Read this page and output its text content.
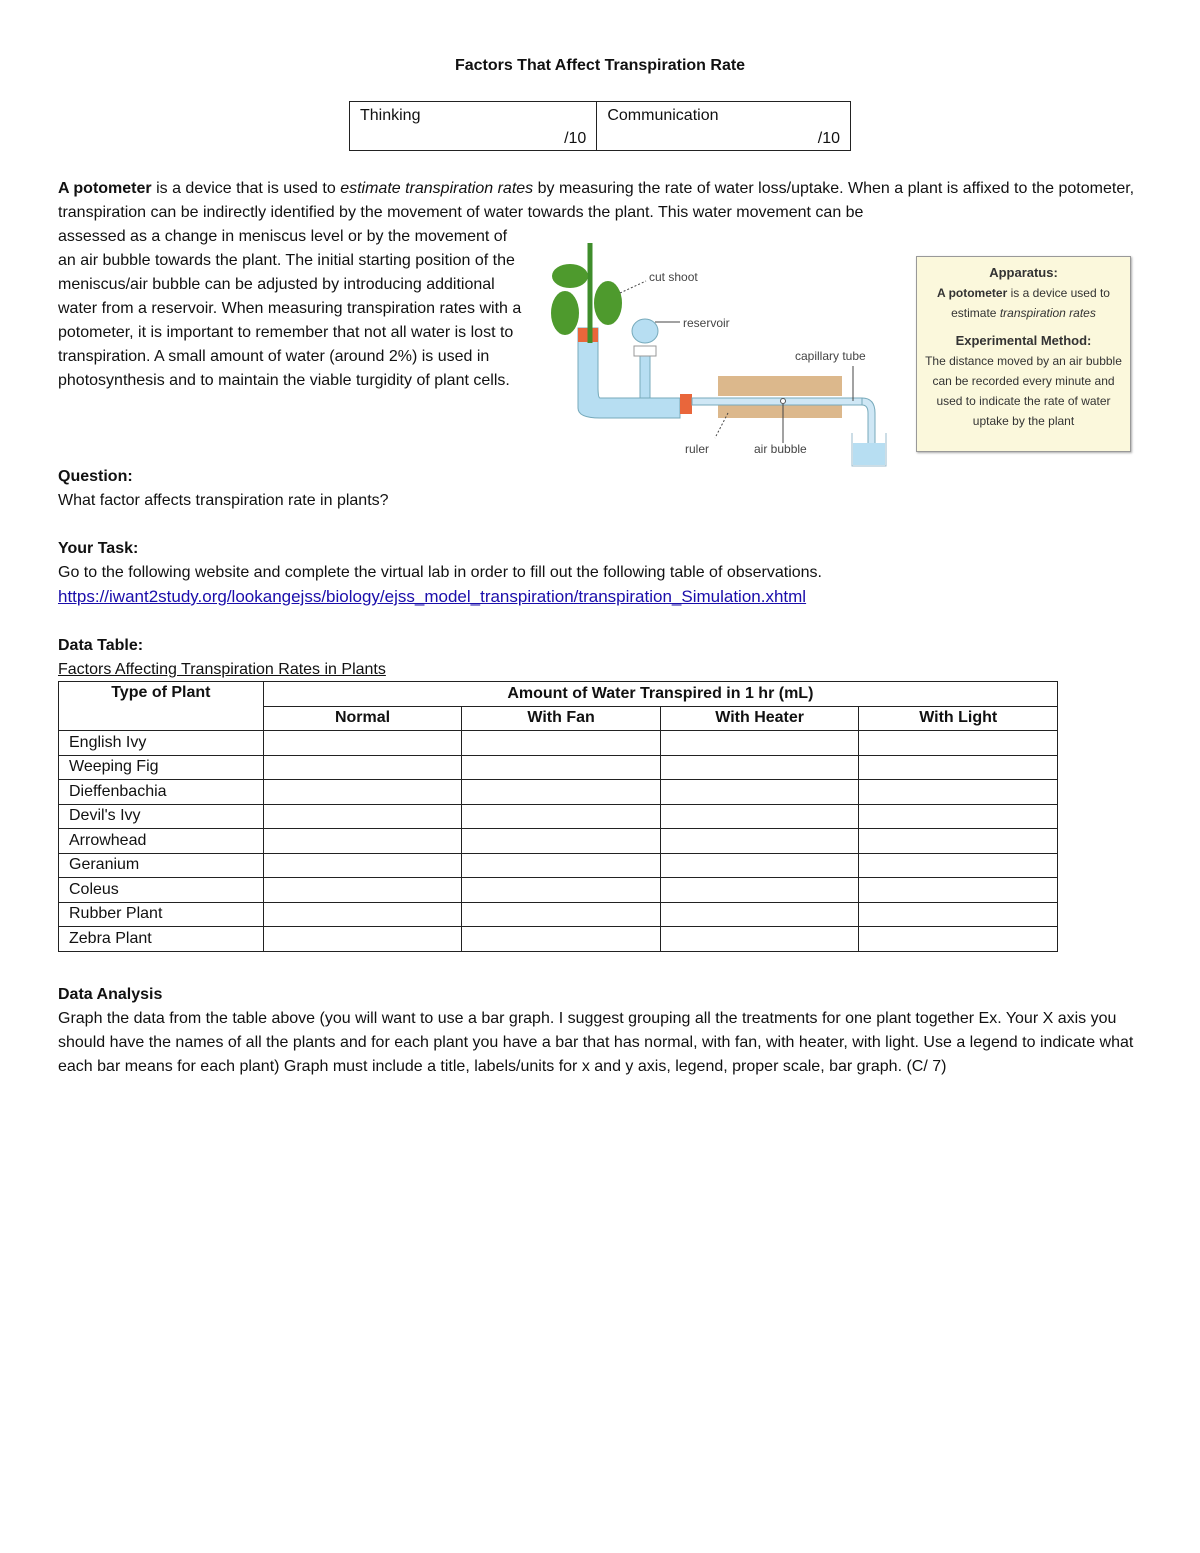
Factors That Affect Transpiration Rate
Thinking
/10

Communication
/10
A potometer is a device that is used to estimate transpiration rates by measuring the rate of water loss/uptake. When a plant is affixed to the potometer, transpiration can be indirectly identified by the movement of water towards the plant. This water movement can be
assessed as a change in meniscus level or by the movement of an air bubble towards the plant. The initial starting position of the meniscus/air bubble can be adjusted by introducing additional water from a reservoir. When measuring transpiration rates with a potometer, it is important to remember that not all water is lost to transpiration. A small amount of water (around 2%) is used in photosynthesis and to maintain the viable turgidity of plant cells.
cut shoot
reservoir
capillary tube
ruler	air bubble
Apparatus:
A potometer is a device used to estimate transpiration rates
Experimental Method:
The distance moved by an air bubble can be recorded every minute and used to indicate the rate of water uptake by the plant
Question:
What factor affects transpiration rate in plants?
Your Task:
Go to the following website and complete the virtual lab in order to fill out the following table of observations.
https://iwant2study.org/lookangejss/biology/ejss_model_transpiration/transpiration_Simulation.xhtml
Data Table:
Factors Affecting Transpiration Rates in Plants
Type of Plant	Amount of Water Transpired in 1 hr (mL)			
	Normal	With Fan	With Heater	With Light
English Ivy				
Weeping Fig				
Dieffenbachia				
Devil's Ivy				
Arrowhead				
Geranium				
Coleus				
Rubber Plant				
Zebra Plant				
Data Analysis
Graph the data from the table above (you will want to use a bar graph. I suggest grouping all the treatments for one plant together Ex. Your X axis you should have the names of all the plants and for each plant you have a bar that has normal, with fan, with heater, with light. Use a legend to indicate what each bar means for each plant) Graph must include a title, labels/units for x and y axis, legend, proper scale, bar graph. (C/ 7)
